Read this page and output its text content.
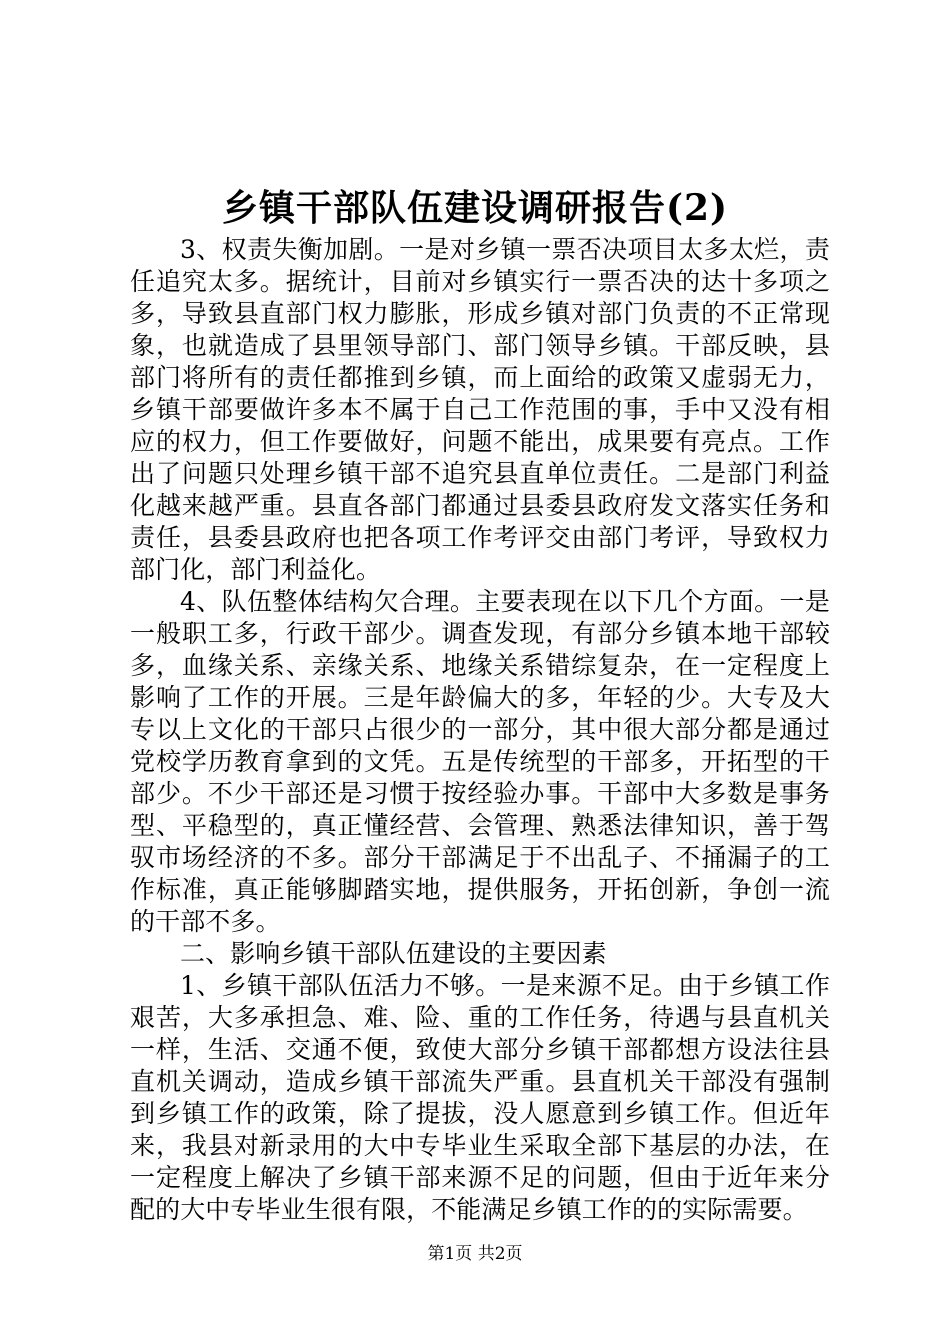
乡镇干部队伍建设调研报告(2)

3、权责失衡加剧。一是对乡镇一票否决项目太多太烂，责任追究太多。据统计，目前对乡镇实行一票否决的达十多项之多，导致县直部门权力膨胀，形成乡镇对部门负责的不正常现象，也就造成了县里领导部门、部门领导乡镇。干部反映，县部门将所有的责任都推到乡镇，而上面给的政策又虚弱无力，乡镇干部要做许多本不属于自己工作范围的事，手中又没有相应的权力，但工作要做好，问题不能出，成果要有亮点。工作出了问题只处理乡镇干部不追究县直单位责任。二是部门利益化越来越严重。县直各部门都通过县委县政府发文落实任务和责任，县委县政府也把各项工作考评交由部门考评，导致权力部门化，部门利益化。

4、队伍整体结构欠合理。主要表现在以下几个方面。一是一般职工多，行政干部少。调查发现，有部分乡镇本地干部较多，血缘关系、亲缘关系、地缘关系错综复杂，在一定程度上影响了工作的开展。三是年龄偏大的多，年轻的少。大专及大专以上文化的干部只占很少的一部分，其中很大部分都是通过党校学历教育拿到的文凭。五是传统型的干部多，开拓型的干部少。不少干部还是习惯于按经验办事。干部中大多数是事务型、平稳型的，真正懂经营、会管理、熟悉法律知识，善于驾驭市场经济的不多。部分干部满足于不出乱子、不捅漏子的工作标准，真正能够脚踏实地，提供服务，开拓创新，争创一流的干部不多。

二、影响乡镇干部队伍建设的主要因素

1、乡镇干部队伍活力不够。一是来源不足。由于乡镇工作艰苦，大多承担急、难、险、重的工作任务，待遇与县直机关一样，生活、交通不便，致使大部分乡镇干部都想方设法往县直机关调动，造成乡镇干部流失严重。县直机关干部没有强制到乡镇工作的政策，除了提拔，没人愿意到乡镇工作。但近年来，我县对新录用的大中专毕业生采取全部下基层的办法，在一定程度上解决了乡镇干部来源不足的问题，但由于近年来分配的大中专毕业生很有限，不能满足乡镇工作的的实际需要。

第1页 共2页
